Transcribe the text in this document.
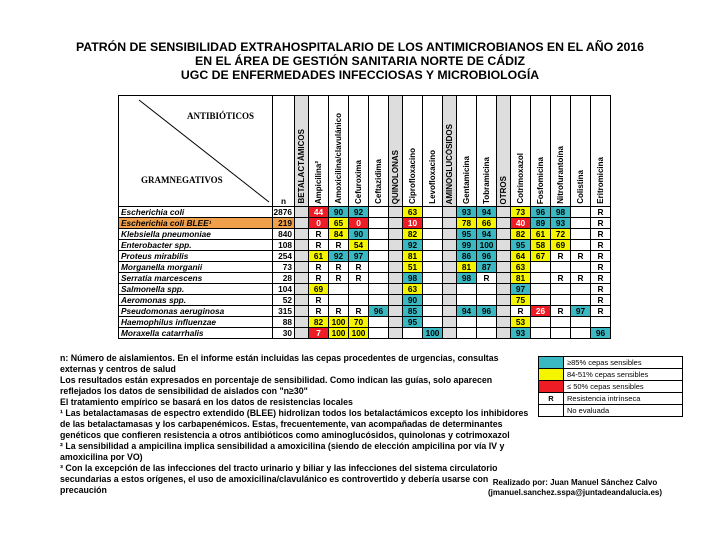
PATRÓN DE SENSIBILIDAD EXTRAHOSPITALARIO DE LOS ANTIMICROBIANOS EN EL AÑO 2016
EN EL ÁREA DE GESTIÓN SANITARIA NORTE DE CÁDIZ
UGC DE ENFERMEDADES INFECCIOSAS Y MICROBIOLOGÍA
ANTIBIÓTICOS
GRAMNEGATIVOS	n	BETALACTÁMICOS	Ampicilina²	Amoxicilina/clavulánico	Cefuroxima	Ceftazidima	QUINOLONAS	Ciprofloxacino	Levofloxacino	AMINOGLUCÓSIDOS	Gentamicina	Tobramicina	OTROS	Cotrimoxazol	Fosfomicina	Nitrofurantoína	Colistina	Eritromicina
Escherichia coli	2876		44	90	92			63			93	94		73	96	98		R
Escherichia coli BLEE¹	219		0	65	0			10			78	66		40	89	93		R
Klebsiella pneumoniae	840		R	84	90			82			95	94		82	61	72		R
Enterobacter spp.	108		R	R	54			92			99	100		95	58	69		R
Proteus mirabilis	254		61	92	97			81			86	96		64	67	R	R	R
Morganella morganii	73		R	R	R			51			81	87		63				R
Serratia marcescens	28		R	R	R			98			98	R		81		R	R	R
Salmonella spp.	104		69					63						97				R
Aeromonas spp.	52		R					90						75				R
Pseudomonas aeruginosa	315		R	R	R	96		85			94	96		R	26	R	97	R
Haemophilus influenzae	88		82	100	70			95						53				
Moraxella catarrhalis	30		7	100	100				100					93				96

n: Número de aislamientos. En el informe están incluidas las cepas procedentes de urgencias, consultas externas y centros de salud

Los resultados están expresados en porcentaje de sensibilidad. Como indican las guías, solo aparecen reflejados los datos de sensibilidad de aislados con "n≥30"

El tratamiento empírico se basará en los datos de resistencias locales

¹ Las betalactamasas de espectro extendido (BLEE) hidrolizan todos los betalactámicos excepto los inhibidores de las betalactamasas y los carbapenémicos. Estas, frecuentemente, van acompañadas de determinantes genéticos que confieren resistencia a otros antibióticos como aminoglucósidos, quinolonas y cotrimoxazol

² La sensibilidad a ampicilina implica sensibilidad a amoxicilina (siendo de elección ampicilina por vía IV y amoxicilina por VO)

³ Con la excepción de las infecciones del tracto urinario y biliar y las infecciones del sistema circulatorio secundarias a estos orígenes, el uso de amoxicilina/clavulánico es controvertido y debería usarse con precaución

	≥85% cepas sensibles
	84-51% cepas sensibles
	≤ 50% cepas sensibles
R	Resistencia intrínseca
	No evaluada
Realizado por: Juan Manuel Sánchez Calvo
(jmanuel.sanchez.sspa@juntadeandalucia.es)
